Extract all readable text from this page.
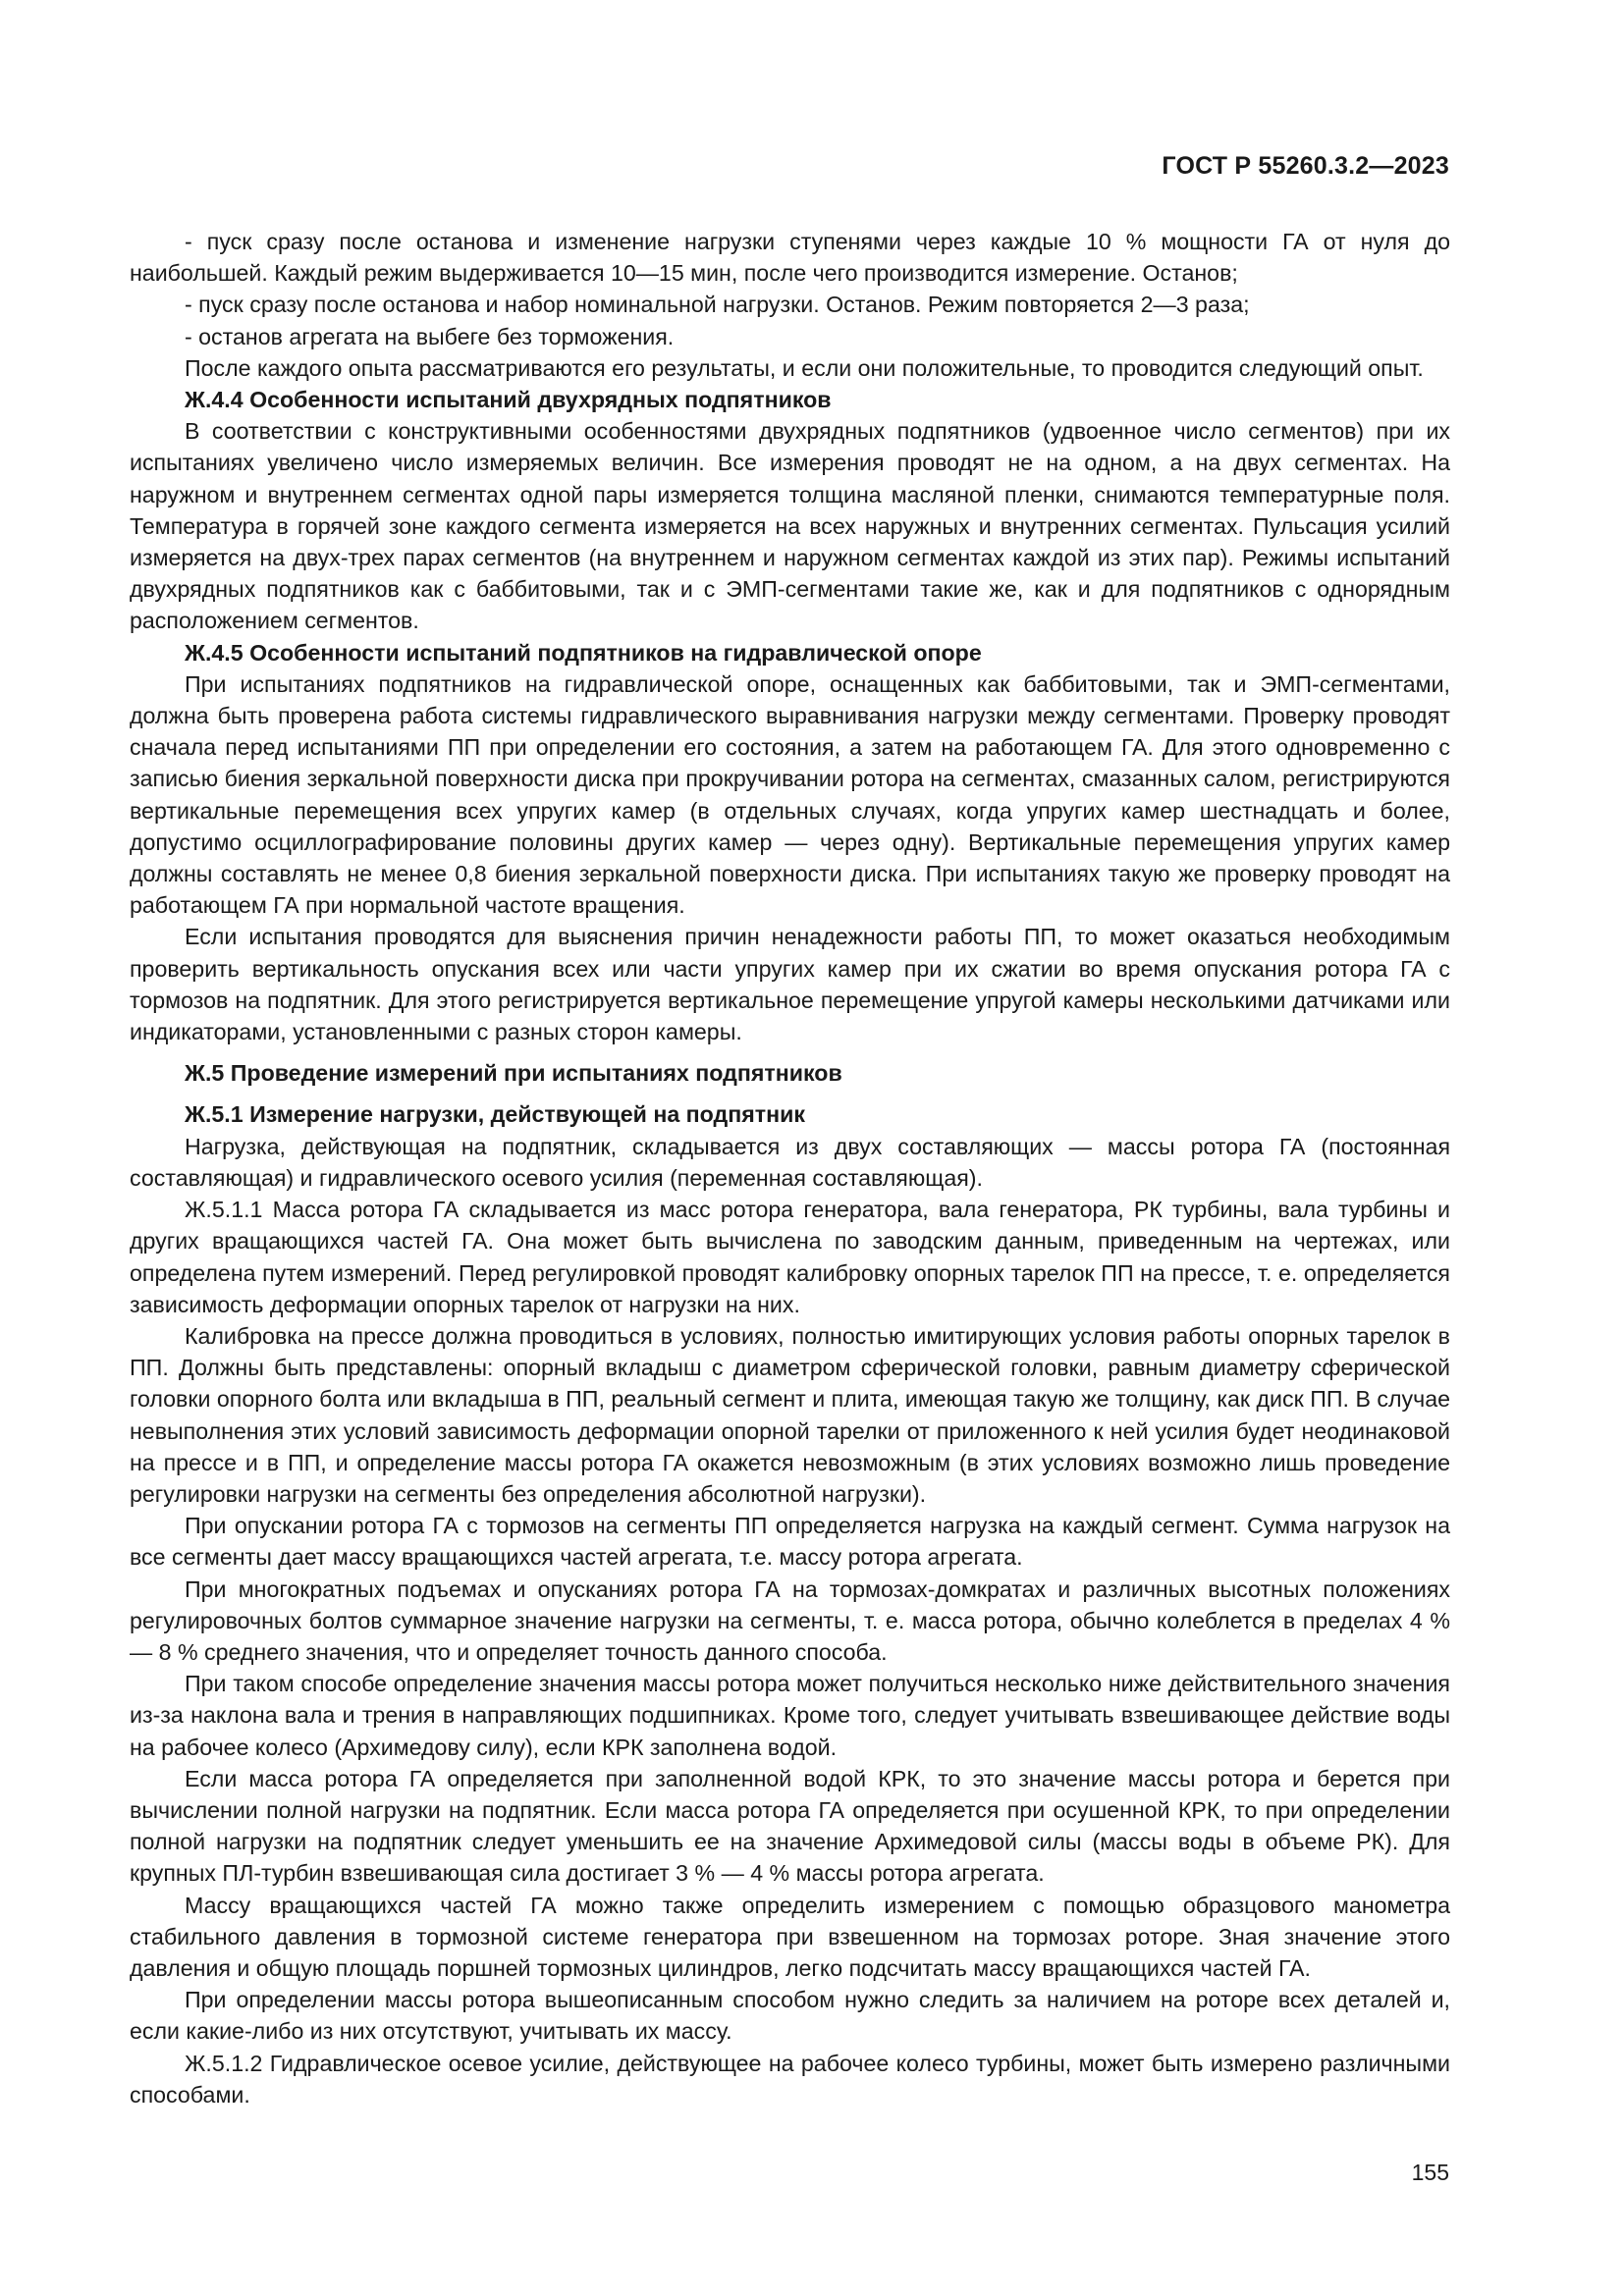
ГОСТ Р 55260.3.2—2023

- пуск сразу после останова и изменение нагрузки ступенями через каждые 10 % мощности ГА от нуля до наибольшей. Каждый режим выдерживается 10—15 мин, после чего производится измерение. Останов;

- пуск сразу после останова и набор номинальной нагрузки. Останов. Режим повторяется 2—3 раза;

- останов агрегата на выбеге без торможения.

После каждого опыта рассматриваются его результаты, и если они положительные, то проводится следующий опыт.

Ж.4.4 Особенности испытаний двухрядных подпятников

В соответствии с конструктивными особенностями двухрядных подпятников (удвоенное число сегментов) при их испытаниях увеличено число измеряемых величин. Все измерения проводят не на одном, а на двух сегментах. На наружном и внутреннем сегментах одной пары измеряется толщина масляной пленки, снимаются температурные поля. Температура в горячей зоне каждого сегмента измеряется на всех наружных и внутренних сегментах. Пульсация усилий измеряется на двух-трех парах сегментов (на внутреннем и наружном сегментах каждой из этих пар). Режимы испытаний двухрядных подпятников как с баббитовыми, так и с ЭМП-сегментами такие же, как и для подпятников с однорядным расположением сегментов.

Ж.4.5 Особенности испытаний подпятников на гидравлической опоре

При испытаниях подпятников на гидравлической опоре, оснащенных как баббитовыми, так и ЭМП-сегментами, должна быть проверена работа системы гидравлического выравнивания нагрузки между сегментами. Проверку проводят сначала перед испытаниями ПП при определении его состояния, а затем на работающем ГА. Для этого одновременно с записью биения зеркальной поверхности диска при прокручивании ротора на сегментах, смазанных салом, регистрируются вертикальные перемещения всех упругих камер (в отдельных случаях, когда упругих камер шестнадцать и более, допустимо осциллографирование половины других камер — через одну). Вертикальные перемещения упругих камер должны составлять не менее 0,8 биения зеркальной поверхности диска. При испытаниях такую же проверку проводят на работающем ГА при нормальной частоте вращения.

Если испытания проводятся для выяснения причин ненадежности работы ПП, то может оказаться необходимым проверить вертикальность опускания всех или части упругих камер при их сжатии во время опускания ротора ГА с тормозов на подпятник. Для этого регистрируется вертикальное перемещение упругой камеры несколькими датчиками или индикаторами, установленными с разных сторон камеры.

Ж.5 Проведение измерений при испытаниях подпятников
Ж.5.1 Измерение нагрузки, действующей на подпятник

Нагрузка, действующая на подпятник, складывается из двух составляющих — массы ротора ГА (постоянная составляющая) и гидравлического осевого усилия (переменная составляющая).

Ж.5.1.1 Масса ротора ГА складывается из масс ротора генератора, вала генератора, РК турбины, вала турбины и других вращающихся частей ГА. Она может быть вычислена по заводским данным, приведенным на чертежах, или определена путем измерений. Перед регулировкой проводят калибровку опорных тарелок ПП на прессе, т. е. определяется зависимость деформации опорных тарелок от нагрузки на них.

Калибровка на прессе должна проводиться в условиях, полностью имитирующих условия работы опорных тарелок в ПП. Должны быть представлены: опорный вкладыш с диаметром сферической головки, равным диаметру сферической головки опорного болта или вкладыша в ПП, реальный сегмент и плита, имеющая такую же толщину, как диск ПП. В случае невыполнения этих условий зависимость деформации опорной тарелки от приложенного к ней усилия будет неодинаковой на прессе и в ПП, и определение массы ротора ГА окажется невозможным (в этих условиях возможно лишь проведение регулировки нагрузки на сегменты без определения абсолютной нагрузки).

При опускании ротора ГА с тормозов на сегменты ПП определяется нагрузка на каждый сегмент. Сумма нагрузок на все сегменты дает массу вращающихся частей агрегата, т.е. массу ротора агрегата.

При многократных подъемах и опусканиях ротора ГА на тормозах-домкратах и различных высотных положениях регулировочных болтов суммарное значение нагрузки на сегменты, т. е. масса ротора, обычно колеблется в пределах 4 % — 8 % среднего значения, что и определяет точность данного способа.

При таком способе определение значения массы ротора может получиться несколько ниже действительного значения из-за наклона вала и трения в направляющих подшипниках. Кроме того, следует учитывать взвешивающее действие воды на рабочее колесо (Архимедову силу), если КРК заполнена водой.

Если масса ротора ГА определяется при заполненной водой КРК, то это значение массы ротора и берется при вычислении полной нагрузки на подпятник. Если масса ротора ГА определяется при осушенной КРК, то при определении полной нагрузки на подпятник следует уменьшить ее на значение Архимедовой силы (массы воды в объеме РК). Для крупных ПЛ-турбин взвешивающая сила достигает 3 % — 4 % массы ротора агрегата.

Массу вращающихся частей ГА можно также определить измерением с помощью образцового манометра стабильного давления в тормозной системе генератора при взвешенном на тормозах роторе. Зная значение этого давления и общую площадь поршней тормозных цилиндров, легко подсчитать массу вращающихся частей ГА.

При определении массы ротора вышеописанным способом нужно следить за наличием на роторе всех деталей и, если какие-либо из них отсутствуют, учитывать их массу.

Ж.5.1.2 Гидравлическое осевое усилие, действующее на рабочее колесо турбины, может быть измерено различными способами.

155
